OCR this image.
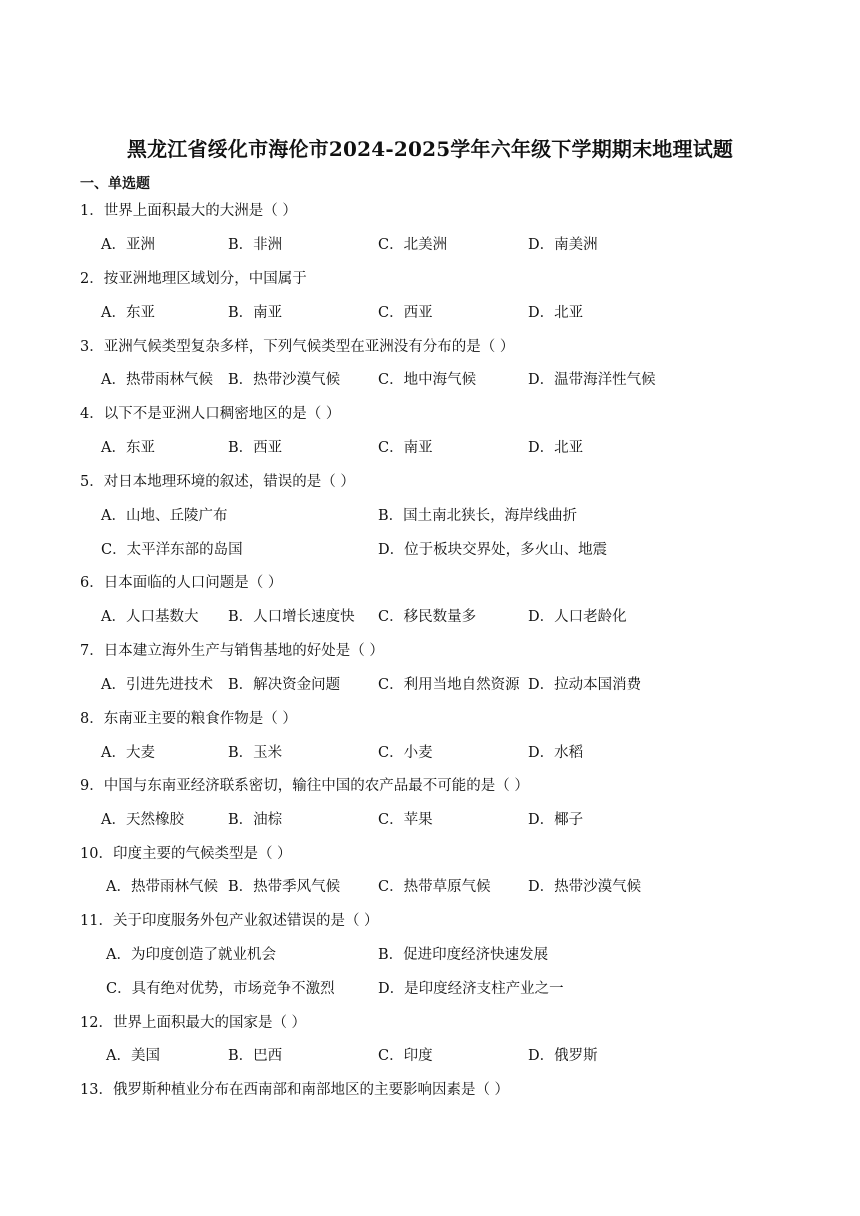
黑龙江省绥化市海伦市2024-2025学年六年级下学期期末地理试题
一、单选题
1．世界上面积最大的大洲是（ ）
A．亚洲	B．非洲	C．北美洲	D．南美洲
2．按亚洲地理区域划分，中国属于
A．东亚	B．南亚	C．西亚	D．北亚
3．亚洲气候类型复杂多样，下列气候类型在亚洲没有分布的是（ ）
A．热带雨林气候 B．热带沙漠气候	C．地中海气候	D．温带海洋性气候
4．以下不是亚洲人口稠密地区的是（ ）
A．东亚	B．西亚	C．南亚	D．北亚
5．对日本地理环境的叙述，错误的是（ ）
A．山地、丘陵广布	B．国土南北狭长，海岸线曲折
C．太平洋东部的岛国	D．位于板块交界处，多火山、地震
6．日本面临的人口问题是（ ）
A．人口基数大 B．人口增长速度快 C．移民数量多	D．人口老龄化
7．日本建立海外生产与销售基地的好处是（ ）
A．引进先进技术 B．解决资金问题	C．利用当地自然资源 D．拉动本国消费
8．东南亚主要的粮食作物是（ ）
A．大麦	B．玉米	C．小麦	D．水稻
9．中国与东南亚经济联系密切，输往中国的农产品最不可能的是（ ）
A．天然橡胶	B．油棕	C．苹果	D．椰子
10．印度主要的气候类型是（ ）
A．热带雨林气候 B．热带季风气候	C．热带草原气候	D．热带沙漠气候
11．关于印度服务外包产业叙述错误的是（ ）
A．为印度创造了就业机会	B．促进印度经济快速发展
C．具有绝对优势，市场竞争不激烈	D．是印度经济支柱产业之一
12．世界上面积最大的国家是（ ）
A．美国	B．巴西	C．印度	D．俄罗斯
13．俄罗斯种植业分布在西南部和南部地区的主要影响因素是（ ）
